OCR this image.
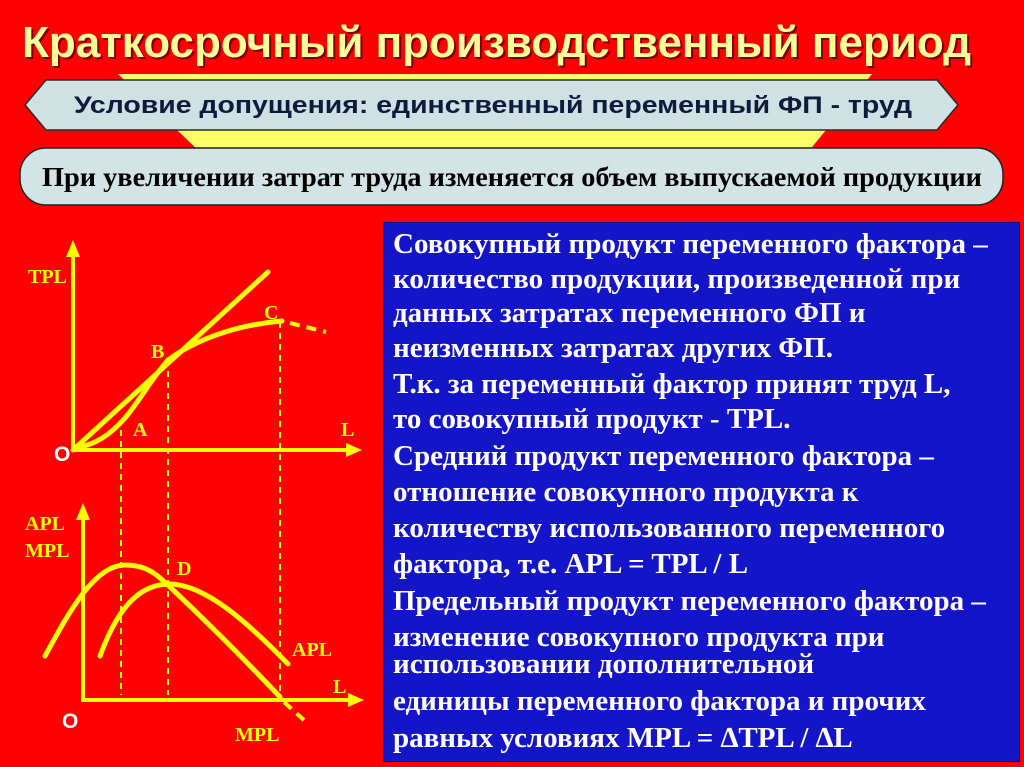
Условие допущения: единственный переменный ФП - труд
При увеличении затрат труда изменяется объем выпускаемой продукции
TPL
L
O
A
B
C
APL
MPL
L
O
D
APL
MPL
Краткосрочный производственный период
Совокупный продукт переменного фактора –
количество продукции, произведенной при
данных затратах переменного ФП и
неизменных затратах других ФП.
Т.к. за переменный фактор принят труд L,
то совокупный продукт - TPL.
Средний продукт переменного фактора –
отношение совокупного продукта к
количеству использованного переменного
фактора, т.е. APL = TPL / L
Предельный продукт переменного фактора –
изменение совокупного продукта при
использовании дополнительной
единицы переменного фактора и прочих
равных условиях MPL = ∆TPL / ∆L
